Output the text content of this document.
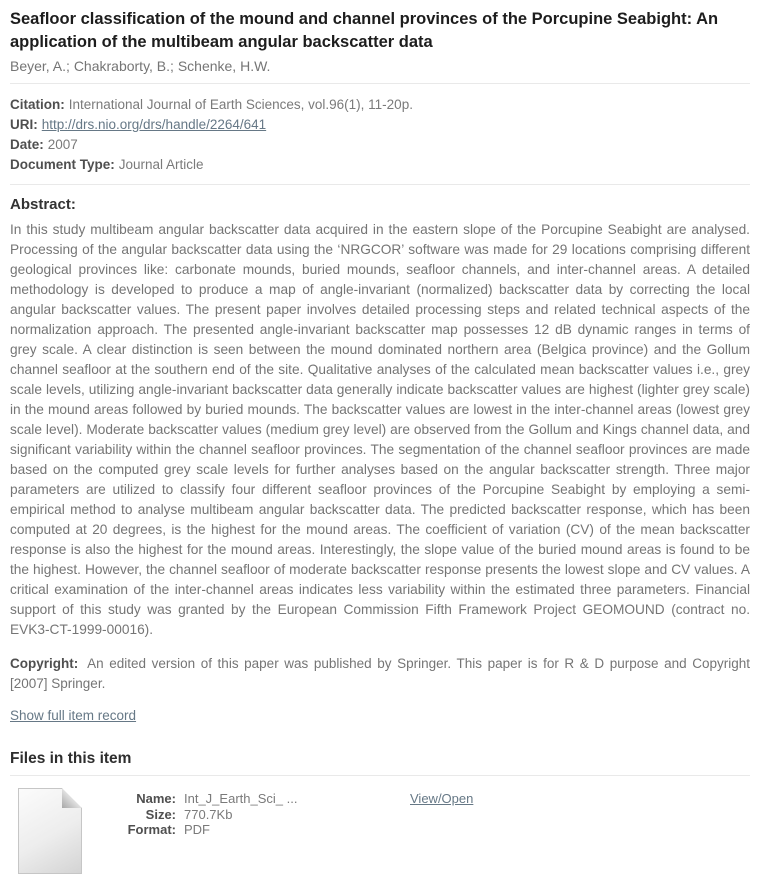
Seafloor classification of the mound and channel provinces of the Porcupine Seabight: An application of the multibeam angular backscatter data
Beyer, A.; Chakraborty, B.; Schenke, H.W.
Citation: International Journal of Earth Sciences, vol.96(1), 11-20p.
URI: http://drs.nio.org/drs/handle/2264/641
Date: 2007
Document Type: Journal Article
Abstract:

In this study multibeam angular backscatter data acquired in the eastern slope of the Porcupine Seabight are analysed. Processing of the angular backscatter data using the ‘NRGCOR’ software was made for 29 locations comprising different geological provinces like: carbonate mounds, buried mounds, seafloor channels, and inter-channel areas. A detailed methodology is developed to produce a map of angle-invariant (normalized) backscatter data by correcting the local angular backscatter values. The present paper involves detailed processing steps and related technical aspects of the normalization approach. The presented angle-invariant backscatter map possesses 12 dB dynamic ranges in terms of grey scale. A clear distinction is seen between the mound dominated northern area (Belgica province) and the Gollum channel seafloor at the southern end of the site. Qualitative analyses of the calculated mean backscatter values i.e., grey scale levels, utilizing angle-invariant backscatter data generally indicate backscatter values are highest (lighter grey scale) in the mound areas followed by buried mounds. The backscatter values are lowest in the inter-channel areas (lowest grey scale level). Moderate backscatter values (medium grey level) are observed from the Gollum and Kings channel data, and significant variability within the channel seafloor provinces. The segmentation of the channel seafloor provinces are made based on the computed grey scale levels for further analyses based on the angular backscatter strength. Three major parameters are utilized to classify four different seafloor provinces of the Porcupine Seabight by employing a semi-empirical method to analyse multibeam angular backscatter data. The predicted backscatter response, which has been computed at 20 degrees, is the highest for the mound areas. The coefficient of variation (CV) of the mean backscatter response is also the highest for the mound areas. Interestingly, the slope value of the buried mound areas is found to be the highest. However, the channel seafloor of moderate backscatter response presents the lowest slope and CV values. A critical examination of the inter-channel areas indicates less variability within the estimated three parameters. Financial support of this study was granted by the European Commission Fifth Framework Project GEOMOUND (contract no. EVK3-CT-1999-00016).

Copyright: An edited version of this paper was published by Springer. This paper is for R & D purpose and Copyright [2007] Springer.

Show full item record

Files in this item
Name: Int_J_Earth_Sci_ ...
Size: 770.7Kb
Format: PDF
View/Open
